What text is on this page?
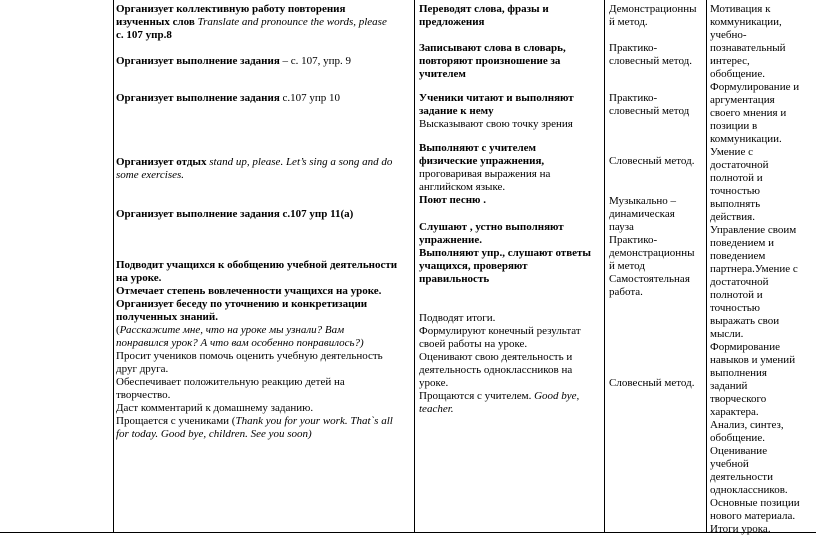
Организует коллективную работу повторения
изученных слов Translate and pronounce the words, please
с. 107 упр.8
Организует выполнение задания – с. 107, упр. 9
Организует выполнение задания с.107 упр 10
Организует отдых stand up, please. Let’s sing a song and do
some exercises.
Организует выполнение задания с.107 упр 11(а)
Подводит учащихся к обобщению учебной деятельности
на уроке.
Отмечает степень вовлеченности учащихся на уроке.
Организует беседу по уточнению и конкретизации
полученных знаний.
(Расскажите мне, что на уроке мы узнали? Вам
понравился урок? А что вам особенно понравилось?)
Просит учеников помочь оценить учебную деятельность
друг друга.
Обеспечивает положительную реакцию детей на
творчество.
Даст комментарий к домашнему заданию.
Прощается с учениками (Thank you for your work. That`s all
for today. Good bye, children. See you soon)
Переводят слова, фразы и
предложения
Записывают слова в словарь,
повторяют произношение за
учителем
Ученики читают и выполняют
задание к нему
Высказывают свою точку зрения
Выполняют с учителем
физические упражнения,
проговаривая выражения на
английском языке.
Поют песню .
Слушают , устно выполняют
упражнение.
Выполняют упр., слушают ответы
учащихся, проверяют
правильность
Подводят итоги.
Формулируют конечный результат
своей работы на уроке.
Оценивают свою деятельность и
деятельность одноклассников на
уроке.
Прощаются с учителем. Good bye,
teacher.
Демонстрационны
й метод.
Практико-
словесный метод.
Практико-
словесный метод
Словесный метод.
Музыкально –
динамическая
пауза
Практико-
демонстрационны
й метод
Самостоятельная
работа.
Словесный метод.
Мотивация к
коммуникации,
учебно-
познавательный
интерес,
обобщение.
Формулирование и
аргументация
своего мнения и
позиции в
коммуникации.
Умение с
достаточной
полнотой и
точностью
выполнять
действия.
Управление своим
поведением и
поведением
партнера.Умение с
достаточной
полнотой и
точностью
выражать свои
мысли.
Формирование
навыков и умений
выполнения
заданий
творческого
характера.
Анализ, синтез,
обобщение.
Оценивание
учебной
деятельности
одноклассников.
Основные позиции
нового материала.
Итоги урока.
